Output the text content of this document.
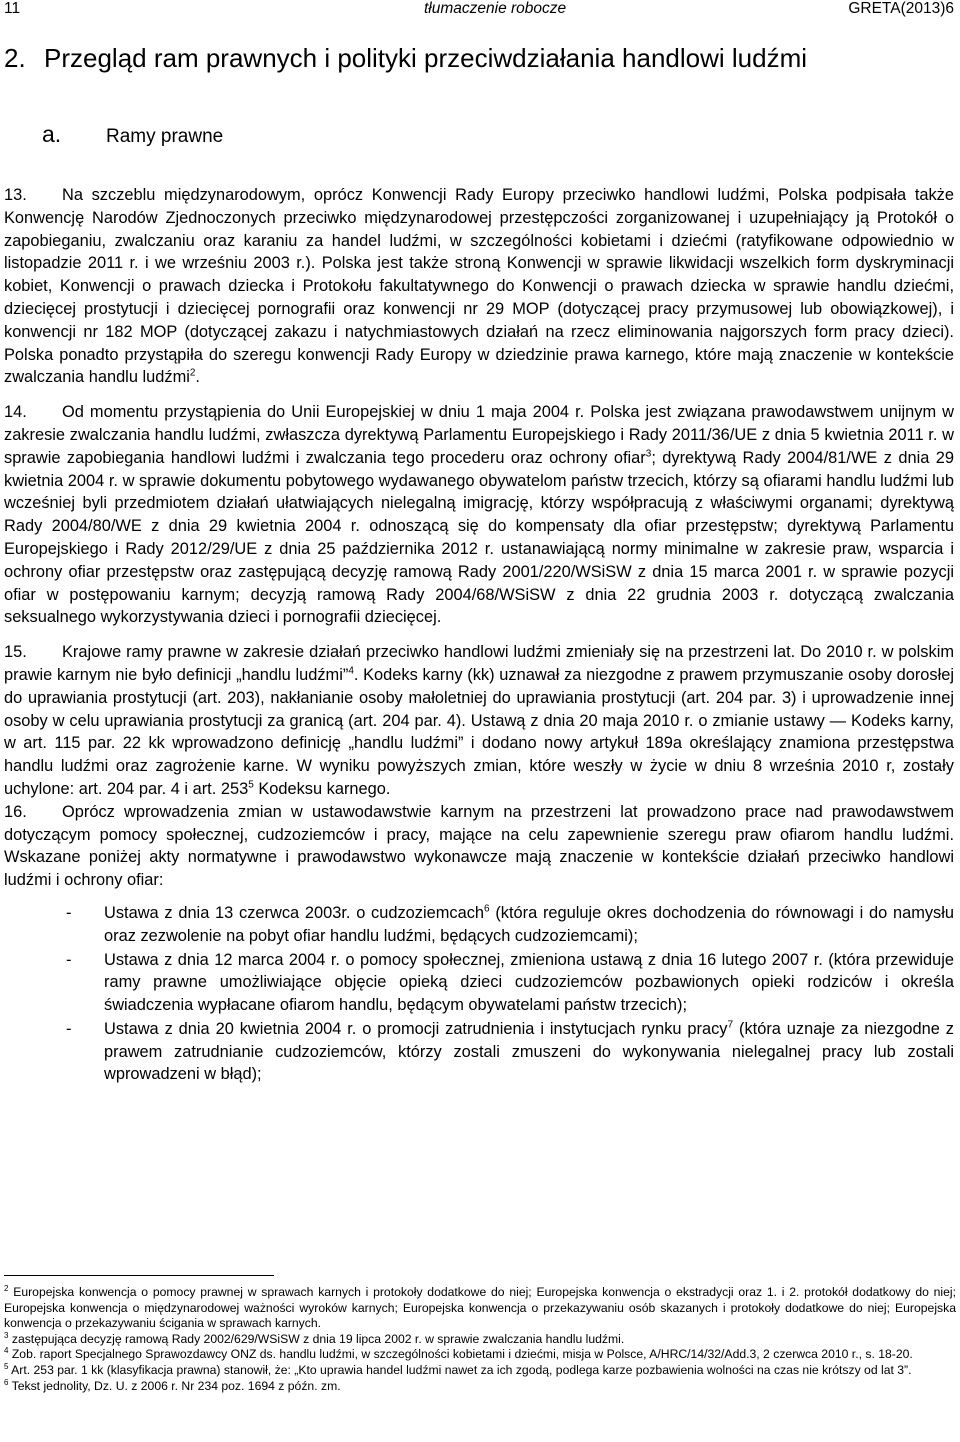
11	tłumaczenie robocze	GRETA(2013)6
2. Przegląd ram prawnych i polityki przeciwdziałania handlowi ludźmi
a. Ramy prawne

13. Na szczeblu międzynarodowym, oprócz Konwencji Rady Europy przeciwko handlowi ludźmi, Polska podpisała także Konwencję Narodów Zjednoczonych przeciwko międzynarodowej przestępczości zorganizowanej i uzupełniający ją Protokół o zapobieganiu, zwalczaniu oraz karaniu za handel ludźmi, w szczególności kobietami i dziećmi (ratyfikowane odpowiednio w listopadzie 2011 r. i we wrześniu 2003 r.). Polska jest także stroną Konwencji w sprawie likwidacji wszelkich form dyskryminacji kobiet, Konwencji o prawach dziecka i Protokołu fakultatywnego do Konwencji o prawach dziecka w sprawie handlu dziećmi, dziecięcej prostytucji i dziecięcej pornografii oraz konwencji nr 29 MOP (dotyczącej pracy przymusowej lub obowiązkowej), i konwencji nr 182 MOP (dotyczącej zakazu i natychmiastowych działań na rzecz eliminowania najgorszych form pracy dzieci). Polska ponadto przystąpiła do szeregu konwencji Rady Europy w dziedzinie prawa karnego, które mają znaczenie w kontekście zwalczania handlu ludźmi$^2$.

14. Od momentu przystąpienia do Unii Europejskiej w dniu 1 maja 2004 r. Polska jest związana prawodawstwem unijnym w zakresie zwalczania handlu ludźmi, zwłaszcza dyrektywą Parlamentu Europejskiego i Rady 2011/36/UE z dnia 5 kwietnia 2011 r. w sprawie zapobiegania handlowi ludźmi i zwalczania tego procederu oraz ochrony ofiar$^3$; dyrektywą Rady 2004/81/WE z dnia 29 kwietnia 2004 r. w sprawie dokumentu pobytowego wydawanego obywatelom państw trzecich, którzy są ofiarami handlu ludźmi lub wcześniej byli przedmiotem działań ułatwiających nielegalną imigrację, którzy współpracują z właściwymi organami; dyrektywą Rady 2004/80/WE z dnia 29 kwietnia 2004 r. odnoszącą się do kompensaty dla ofiar przestępstw; dyrektywą Parlamentu Europejskiego i Rady 2012/29/UE z dnia 25 października 2012 r. ustanawiającą normy minimalne w zakresie praw, wsparcia i ochrony ofiar przestępstw oraz zastępującą decyzję ramową Rady 2001/220/WSiSW z dnia 15 marca 2001 r. w sprawie pozycji ofiar w postępowaniu karnym; decyzją ramową Rady 2004/68/WSiSW z dnia 22 grudnia 2003 r. dotyczącą zwalczania seksualnego wykorzystywania dzieci i pornografii dziecięcej.

15. Krajowe ramy prawne w zakresie działań przeciwko handlowi ludźmi zmieniały się na przestrzeni lat. Do 2010 r. w polskim prawie karnym nie było definicji „handlu ludźmi”$^4$. Kodeks karny (kk) uznawał za niezgodne z prawem przymuszanie osoby dorosłej do uprawiania prostytucji (art. 203), nakłanianie osoby małoletniej do uprawiania prostytucji (art. 204 par. 3) i uprowadzenie innej osoby w celu uprawiania prostytucji za granicą (art. 204 par. 4). Ustawą z dnia 20 maja 2010 r. o zmianie ustawy — Kodeks karny, w art. 115 par. 22 kk wprowadzono definicję „handlu ludźmi” i dodano nowy artykuł 189a określający znamiona przestępstwa handlu ludźmi oraz zagrożenie karne. W wyniku powyższych zmian, które weszły w życie w dniu 8 września 2010 r, zostały uchylone: art. 204 par. 4 i art. $253^5$ Kodeksu karnego.

16. Oprócz wprowadzenia zmian w ustawodawstwie karnym na przestrzeni lat prowadzono prace nad prawodawstwem dotyczącym pomocy społecznej, cudzoziemców i pracy, mające na celu zapewnienie szeregu praw ofiarom handlu ludźmi. Wskazane poniżej akty normatywne i prawodawstwo wykonawcze mają znaczenie w kontekście działań przeciwko handlowi ludźmi i ochrony ofiar:

- Ustawa z dnia 13 czerwca 2003r. o cudzoziemcach$^6$ (która reguluje okres dochodzenia do równowagi i do namysłu oraz zezwolenie na pobyt ofiar handlu ludźmi, będących cudzoziemcami);
- Ustawa z dnia 12 marca 2004 r. o pomocy społecznej, zmieniona ustawą z dnia 16 lutego 2007 r. (która przewiduje ramy prawne umożliwiające objęcie opieką dzieci cudzoziemców pozbawionych opieki rodziców i określa świadczenia wypłacane ofiarom handlu, będącym obywatelami państw trzecich);
- Ustawa z dnia 20 kwietnia 2004 r. o promocji zatrudnienia i instytucjach rynku pracy$^7$ (która uznaje za niezgodne z prawem zatrudnianie cudzoziemców, którzy zostali zmuszeni do wykonywania nielegalnej pracy lub zostali wprowadzeni w błąd);

$^2$ Europejska konwencja o pomocy prawnej w sprawach karnych i protokoły dodatkowe do niej; Europejska konwencja o ekstradycji oraz 1. i 2. protokół dodatkowy do niej; Europejska konwencja o międzynarodowej ważności wyroków karnych; Europejska konwencja o przekazywaniu osób skazanych i protokoły dodatkowe do niej; Europejska konwencja o przekazywaniu ścigania w sprawach karnych.

$^3$ zastępująca decyzję ramową Rady 2002/629/WSiSW z dnia 19 lipca 2002 r. w sprawie zwalczania handlu ludźmi.

$^4$ Zob. raport Specjalnego Sprawozdawcy ONZ ds. handlu ludźmi, w szczególności kobietami i dziećmi, misja w Polsce, A/HRC/14/32/Add.3, 2 czerwca 2010 r., s. 18-20.

$^5$ Art. 253 par. 1 kk (klasyfikacja prawna) stanowił, że: „Kto uprawia handel ludźmi nawet za ich zgodą, podlega karze pozbawienia wolności na czas nie krótszy od lat 3”.

$^6$ Tekst jednolity, Dz. U. z 2006 r. Nr 234 poz. 1694 z późn. zm.
